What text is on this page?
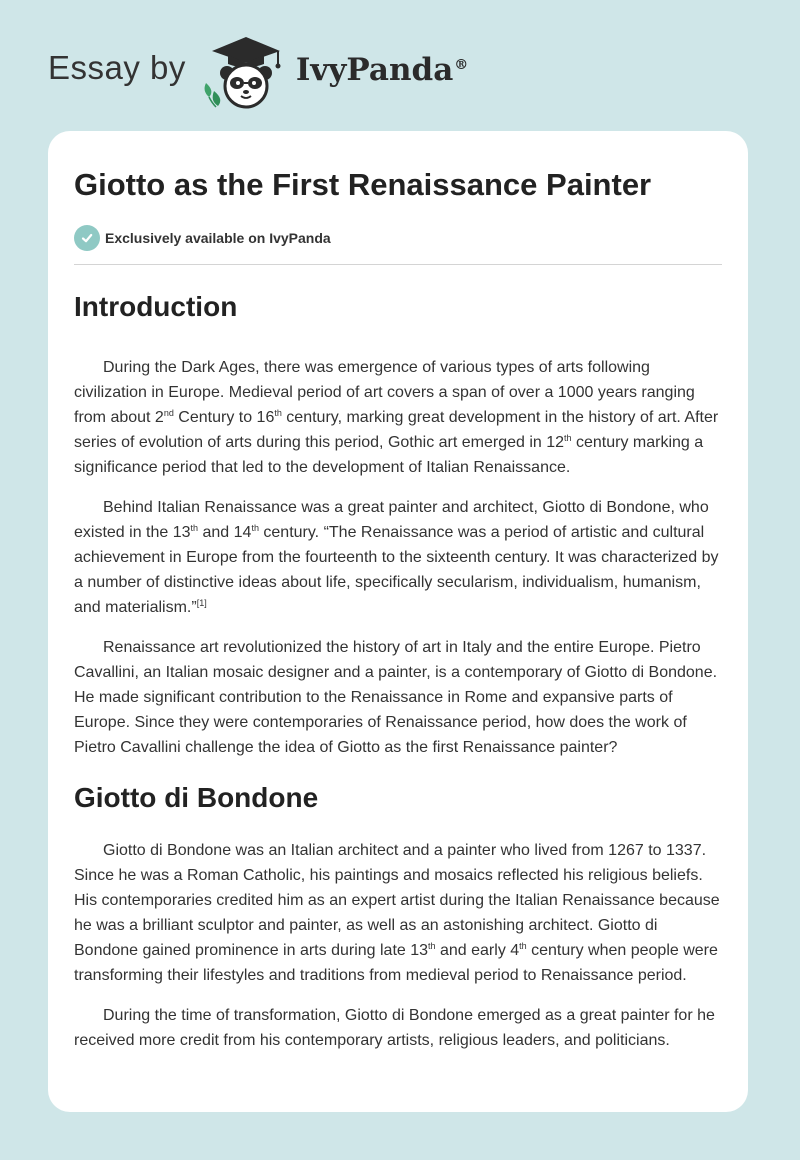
Essay by	IvyPanda®
Giotto as the First Renaissance Painter
Exclusively available on IvyPanda
Introduction

During the Dark Ages, there was emergence of various types of arts following civilization in Europe. Medieval period of art covers a span of over a 1000 years ranging from about 2nd Century to 16th century, marking great development in the history of art. After series of evolution of arts during this period, Gothic art emerged in 12th century marking a significance period that led to the development of Italian Renaissance.

Behind Italian Renaissance was a great painter and architect, Giotto di Bondone, who existed in the 13th and 14th century. “The Renaissance was a period of artistic and cultural achievement in Europe from the fourteenth to the sixteenth century. It was characterized by a number of distinctive ideas about life, specifically secularism, individualism, humanism, and materialism.”[1]

Renaissance art revolutionized the history of art in Italy and the entire Europe. Pietro Cavallini, an Italian mosaic designer and a painter, is a contemporary of Giotto di Bondone. He made significant contribution to the Renaissance in Rome and expansive parts of Europe. Since they were contemporaries of Renaissance period, how does the work of Pietro Cavallini challenge the idea of Giotto as the first Renaissance painter?

Giotto di Bondone

Giotto di Bondone was an Italian architect and a painter who lived from 1267 to 1337. Since he was a Roman Catholic, his paintings and mosaics reflected his religious beliefs. His contemporaries credited him as an expert artist during the Italian Renaissance because he was a brilliant sculptor and painter, as well as an astonishing architect. Giotto di Bondone gained prominence in arts during late 13th and early 4th century when people were transforming their lifestyles and traditions from medieval period to Renaissance period.

During the time of transformation, Giotto di Bondone emerged as a great painter for he received more credit from his contemporary artists, religious leaders, and politicians.
